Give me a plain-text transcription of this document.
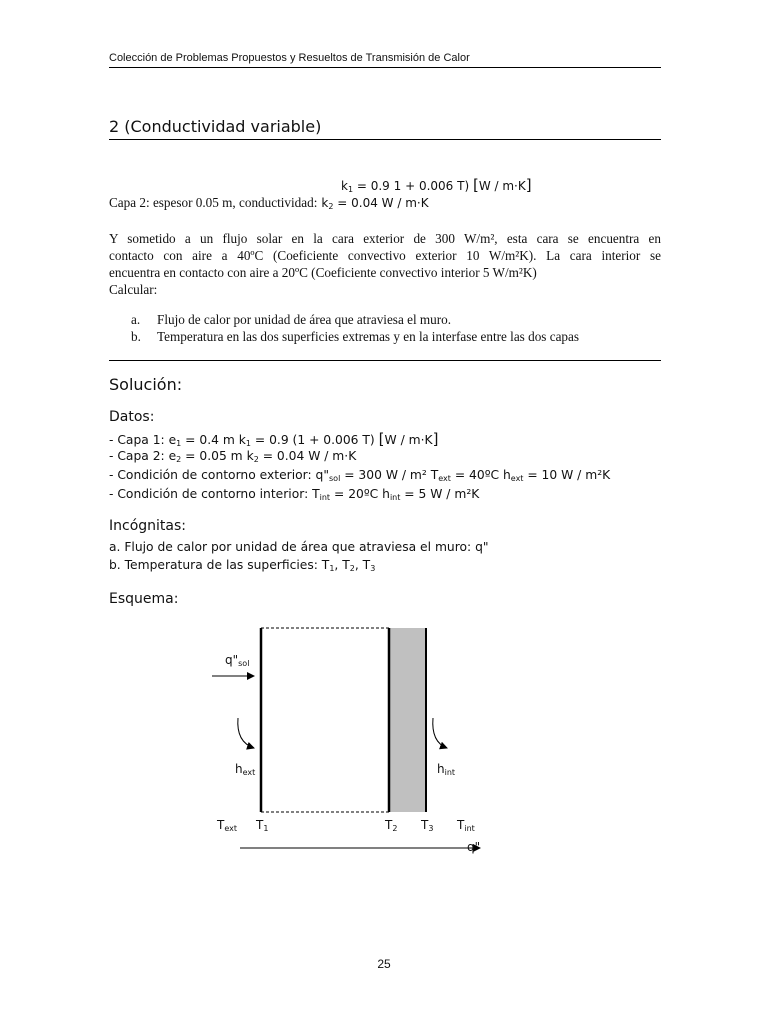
Colección de Problemas Propuestos y Resueltos de Transmisión de Calor
2 (Conductividad variable)
$k_1 = 0.9$ 1 + 0.006 T) [W / m·K]
Capa 2: espesor 0.05 m, conductividad: $k_2 = 0.04$ W / m·K
Y sometido a un flujo solar en la cara exterior de 300 W/m², esta cara se encuentra en
contacto con aire a 40ºC (Coeficiente convectivo exterior 10 W/m²K). La cara interior se
encuentra en contacto con aire a 20ºC (Coeficiente convectivo interior 5 W/m²K)
Calcular:
a. Flujo de calor por unidad de área que atraviesa el muro.
b. Temperatura en las dos superficies extremas y en la interfase entre las dos capas
Solución:
Datos:
- Capa 1: $e_1 = 0.4$ m $k_1 = 0.9$ (1 + 0.006 T) [W / m·K]
- Capa 2: $e_2 = 0.05$ m $k_2 = 0.04$ W / m·K
- Condición de contorno exterior: $q"_{sol} = 300$ W / m² $T_{ext}$ = 40ºC $h_{ext} = 10$ W / m²K
- Condición de contorno interior: $T_{int}$ = 20ºC $h_{int} = 5$ W / m²K
Incógnitas:
a. Flujo de calor por unidad de área que atraviesa el muro: q"
b. Temperatura de las superficies: $T_1$, $T_2$, $T_3$
Esquema:
$q"_{sol}$
$h_{ext}$	$h_{int}$
$T_{ext}$ $T_1$	$T_2$ $T_3$ $T_{int}$
q"
25
